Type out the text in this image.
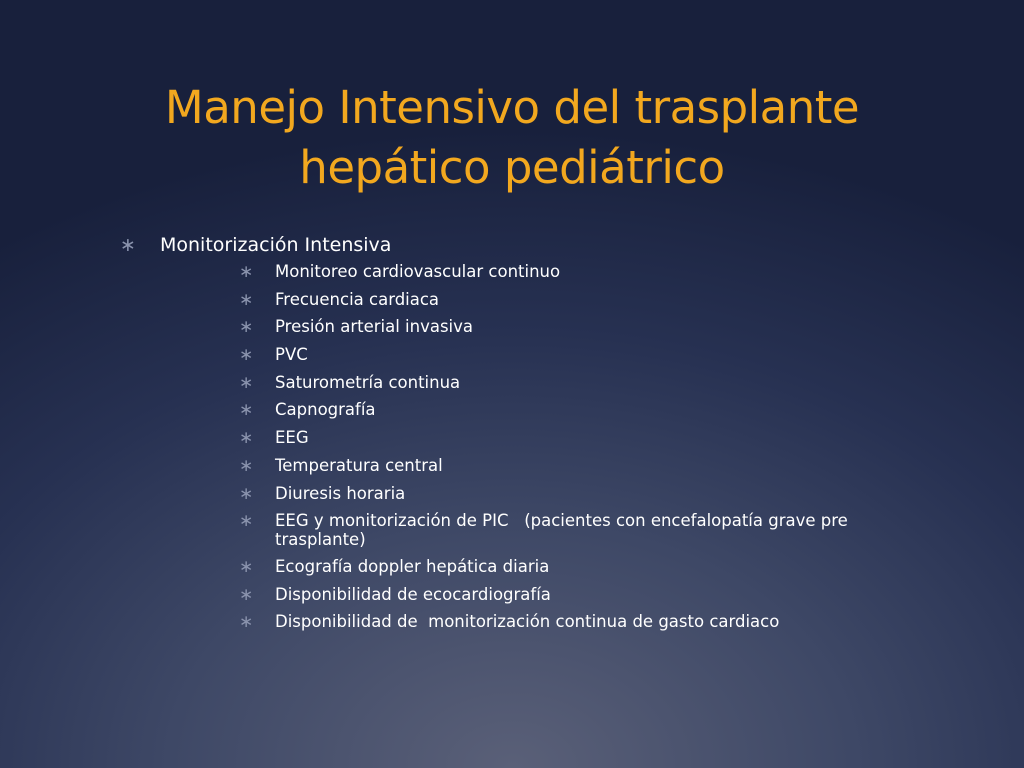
Manejo Intensivo del trasplante
hepático pediátrico
∗	Monitorización Intensiva
∗	Monitoreo cardiovascular continuo
∗	Frecuencia cardiaca
∗	Presión arterial invasiva
∗	PVC
∗	Saturometría continua
∗	Capnografía
∗	EEG
∗	Temperatura central
∗	Diuresis horaria
∗	EEG y monitorización de PIC   (pacientes con encefalopatía grave pre trasplante)
∗	Ecografía doppler hepática diaria
∗	Disponibilidad de ecocardiografía
∗	Disponibilidad de  monitorización continua de gasto cardiaco
